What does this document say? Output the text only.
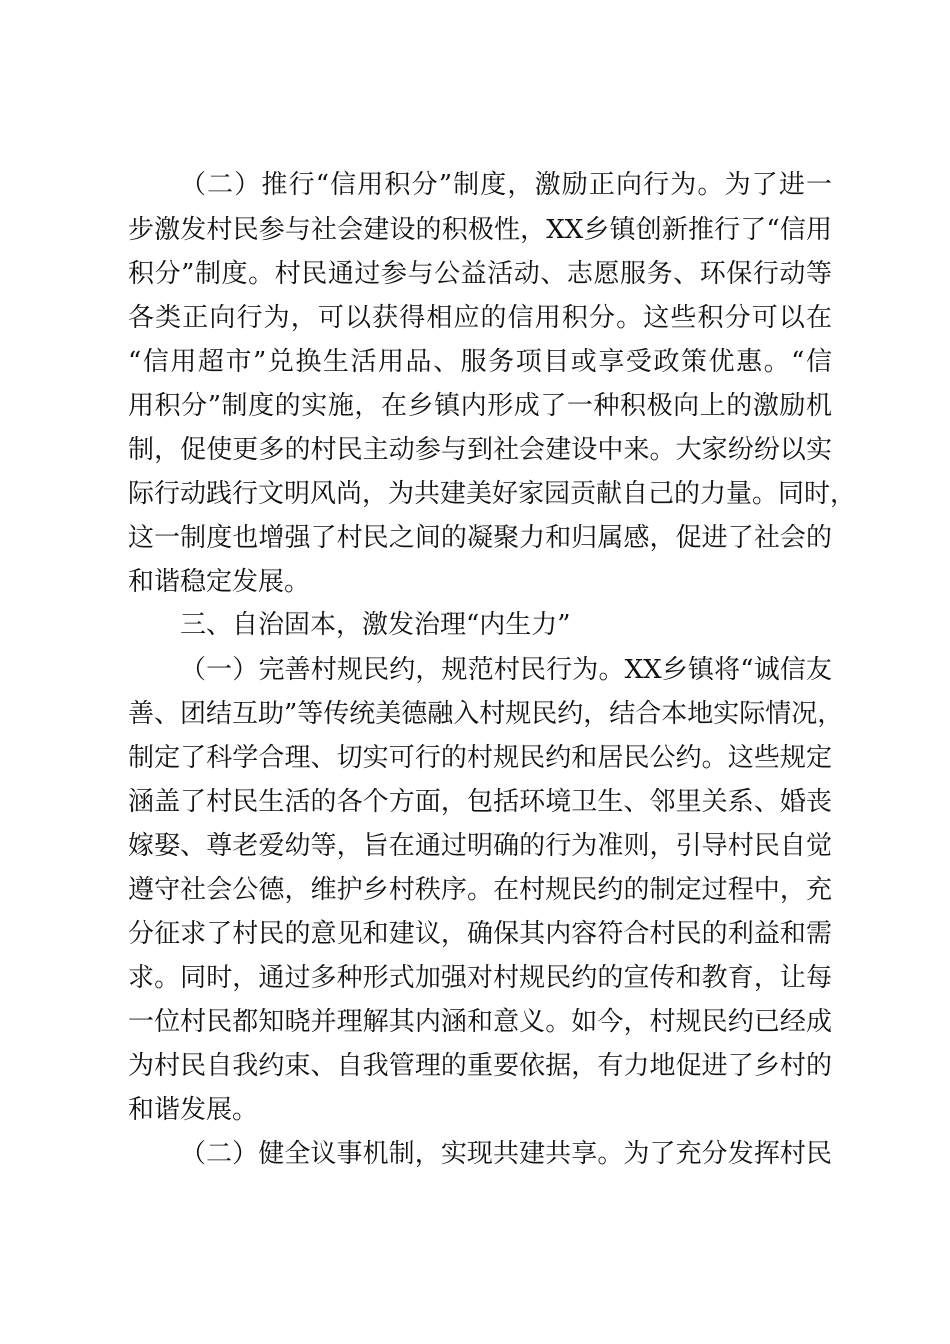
（二）推行“信用积分”制度，激励正向行为。为了进一
步激发村民参与社会建设的积极性，XX乡镇创新推行了“信用
积分”制度。村民通过参与公益活动、志愿服务、环保行动等
各类正向行为，可以获得相应的信用积分。这些积分可以在
“信用超市”兑换生活用品、服务项目或享受政策优惠。“信
用积分”制度的实施，在乡镇内形成了一种积极向上的激励机
制，促使更多的村民主动参与到社会建设中来。大家纷纷以实
际行动践行文明风尚，为共建美好家园贡献自己的力量。同时，
这一制度也增强了村民之间的凝聚力和归属感，促进了社会的
和谐稳定发展。
三、自治固本，激发治理“内生力”
（一）完善村规民约，规范村民行为。XX乡镇将“诚信友
善、团结互助”等传统美德融入村规民约，结合本地实际情况，
制定了科学合理、切实可行的村规民约和居民公约。这些规定
涵盖了村民生活的各个方面，包括环境卫生、邻里关系、婚丧
嫁娶、尊老爱幼等，旨在通过明确的行为准则，引导村民自觉
遵守社会公德，维护乡村秩序。在村规民约的制定过程中，充
分征求了村民的意见和建议，确保其内容符合村民的利益和需
求。同时，通过多种形式加强对村规民约的宣传和教育，让每
一位村民都知晓并理解其内涵和意义。如今，村规民约已经成
为村民自我约束、自我管理的重要依据，有力地促进了乡村的
和谐发展。
（二）健全议事机制，实现共建共享。为了充分发挥村民
